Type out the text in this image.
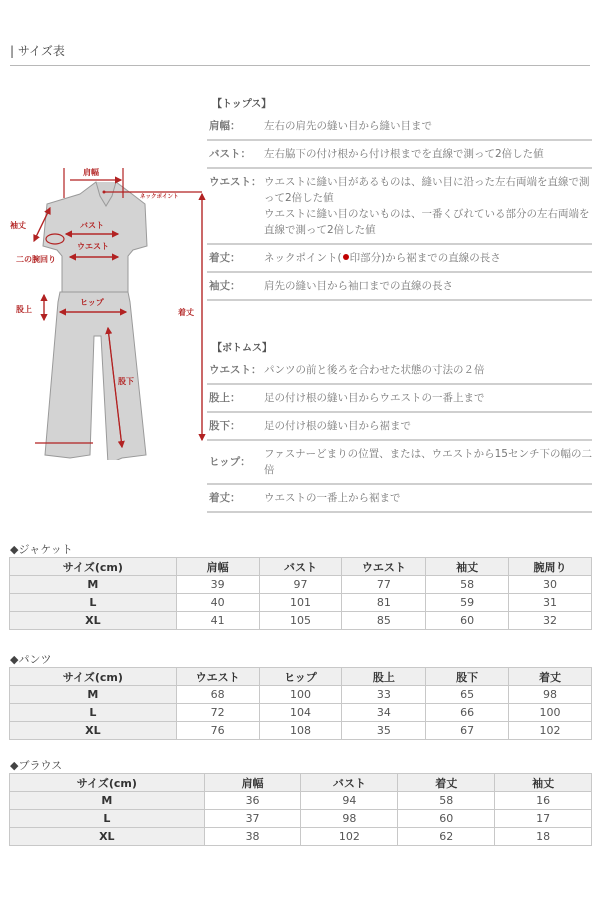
| サイズ表
肩幅
ネックポイント
袖丈	バスト
ウエスト
二の腕回り
股上
ヒップ
着丈
股下
【トップス】
肩幅：	左右の肩先の縫い目から縫い目まで
バスト：	左右脇下の付け根から付け根までを直線で測って2倍した値
ウエスト： ウエストに縫い目があるものは、縫い目に沿った左右両端を直線で測って2倍した値
ウエストに縫い目のないものは、一番くびれている部分の左右両端を直線で測って2倍した値
着丈：	ネックポイント( 印部分)から裾までの直線の長さ
袖丈：	肩先の縫い目から袖口までの直線の長さ
【ボトムス】
ウエスト： パンツの前と後ろを合わせた状態の寸法の２倍
股上：	足の付け根の縫い目からウエストの一番上まで
股下：	足の付け根の縫い目から裾まで
ヒップ：
ファスナーどまりの位置、または、ウエストから15センチ下の幅の二倍
着丈：	ウエストの一番上から裾まで
◆ジャケット
サイズ(cm)	肩幅	バスト	ウエスト	袖丈	腕周り
M	39	97	77	58	30
L	40	101	81	59	31
XL	41	105	85	60	32
◆パンツ
サイズ(cm)	ウエスト	ヒップ	股上	股下	着丈
M	68	100	33	65	98
L	72	104	34	66	100
XL	76	108	35	67	102
◆ブラウス
サイズ(cm)	肩幅	バスト	着丈	袖丈
M	36	94	58	16
L	37	98	60	17
XL	38	102	62	18
